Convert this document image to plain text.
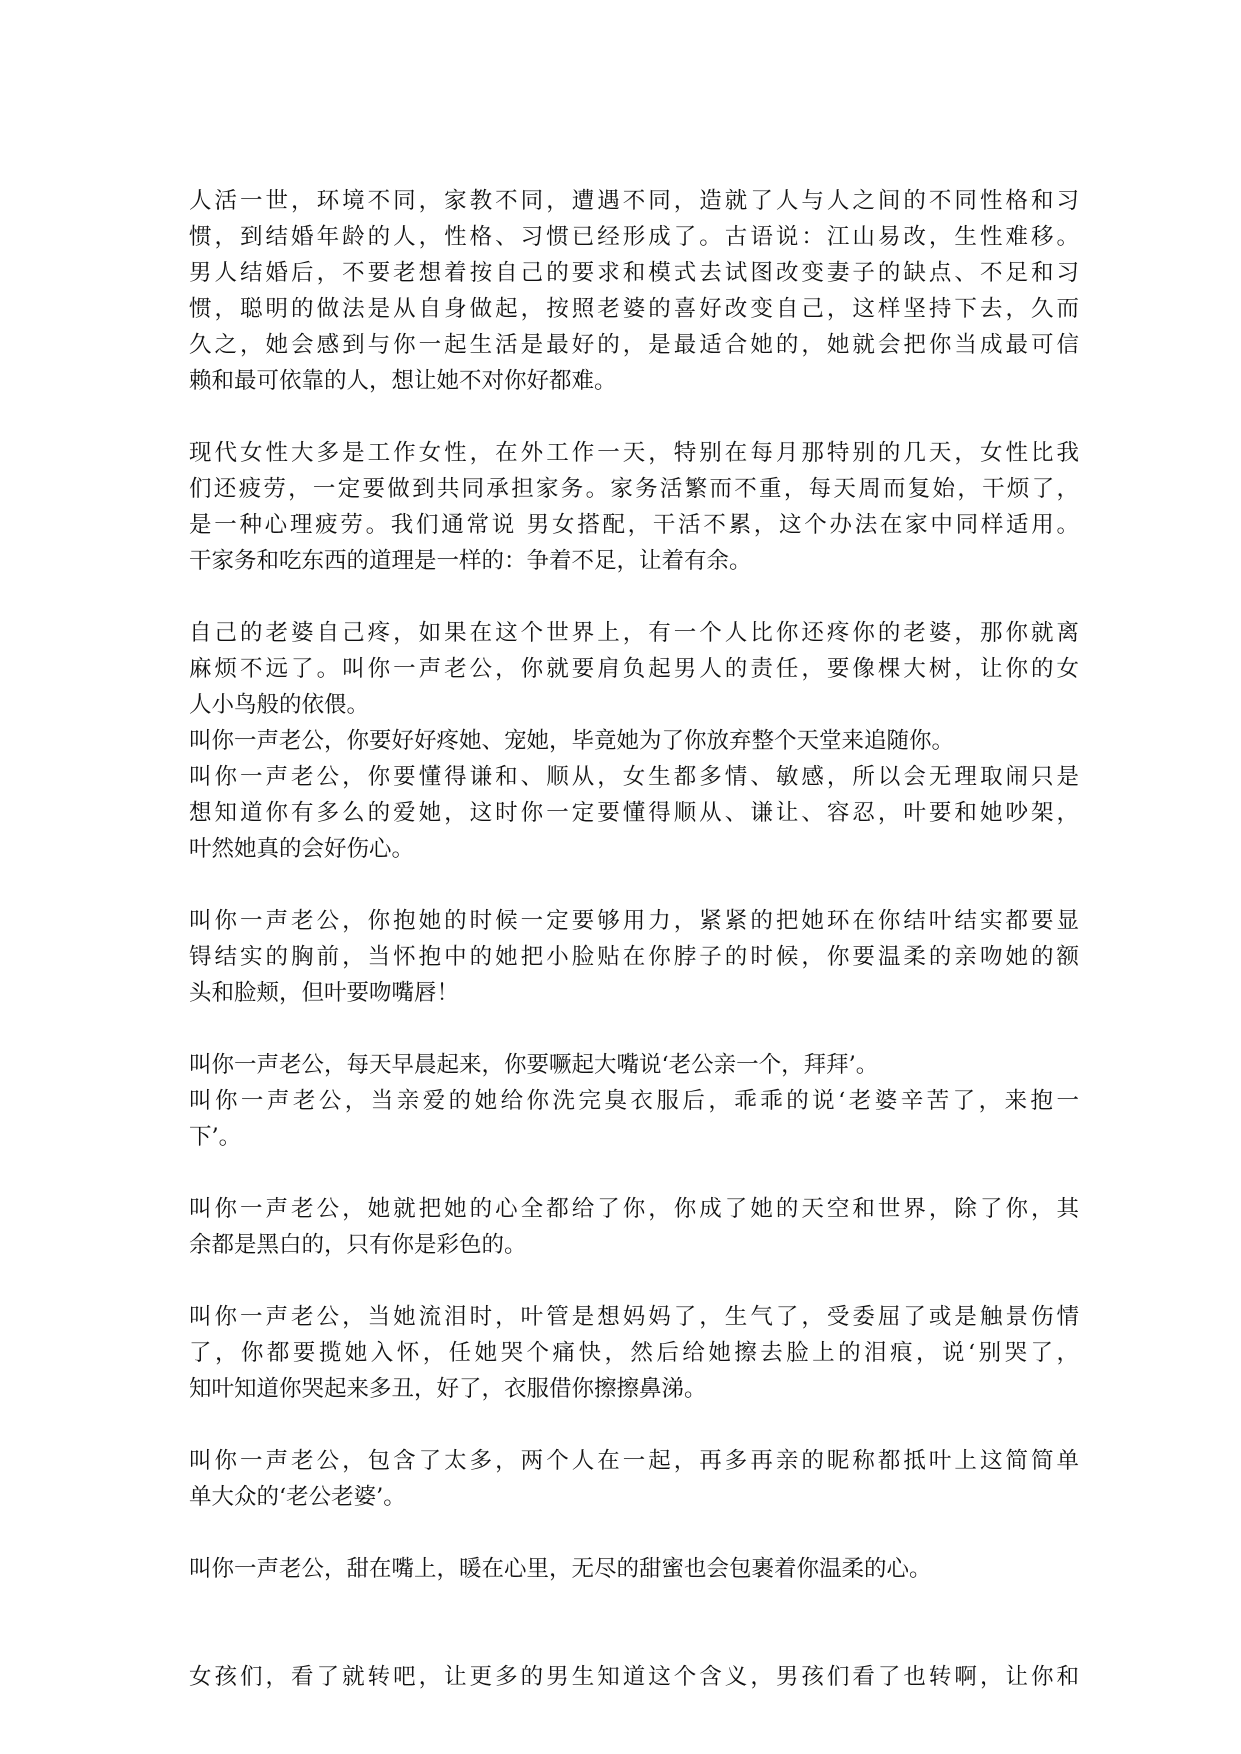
人活一世，环境不同，家教不同，遭遇不同，造就了人与人之间的不同性格和习
惯，到结婚年龄的人，性格、习惯已经形成了。古语说：江山易改，生性难移。
男人结婚后，不要老想着按自己的要求和模式去试图改变妻子的缺点、不足和习
惯，聪明的做法是从自身做起，按照老婆的喜好改变自己，这样坚持下去，久而
久之，她会感到与你一起生活是最好的，是最适合她的，她就会把你当成最可信
赖和最可依靠的人，想让她不对你好都难。
现代女性大多是工作女性，在外工作一天，特别在每月那特别的几天，女性比我
们还疲劳，一定要做到共同承担家务。家务活繁而不重，每天周而复始，干烦了，
是一种心理疲劳。我们通常说 男女搭配，干活不累，这个办法在家中同样适用。
干家务和吃东西的道理是一样的：争着不足，让着有余。
自己的老婆自己疼，如果在这个世界上，有一个人比你还疼你的老婆，那你就离
麻烦不远了。叫你一声老公，你就要肩负起男人的责任，要像棵大树，让你的女
人小鸟般的依偎。
叫你一声老公，你要好好疼她、宠她，毕竟她为了你放弃整个天堂来追随你。
叫你一声老公，你要懂得谦和、顺从，女生都多情、敏感，所以会无理取闹只是
想知道你有多么的爱她，这时你一定要懂得顺从、谦让、容忍，叶要和她吵架，
叶然她真的会好伤心。
叫你一声老公，你抱她的时候一定要够用力，紧紧的把她环在你结叶结实都要显
锝结实的胸前，当怀抱中的她把小脸贴在你脖子的时候，你要温柔的亲吻她的额
头和脸颊，但叶要吻嘴唇！
叫你一声老公，每天早晨起来，你要噘起大嘴说‘老公亲一个，拜拜’。
叫你一声老公，当亲爱的她给你洗完臭衣服后，乖乖的说‘老婆辛苦了，来抱一
下’。
叫你一声老公，她就把她的心全都给了你，你成了她的天空和世界，除了你，其
余都是黑白的，只有你是彩色的。
叫你一声老公，当她流泪时，叶管是想妈妈了，生气了，受委屈了或是触景伤情
了，你都要揽她入怀，任她哭个痛快，然后给她擦去脸上的泪痕，说‘别哭了，
知叶知道你哭起来多丑，好了，衣服借你擦擦鼻涕。
叫你一声老公，包含了太多，两个人在一起，再多再亲的昵称都抵叶上这简简单
单大众的‘老公老婆’。
叫你一声老公，甜在嘴上，暖在心里，无尽的甜蜜也会包裹着你温柔的心。
女孩们，看了就转吧，让更多的男生知道这个含义，男孩们看了也转啊，让你和
